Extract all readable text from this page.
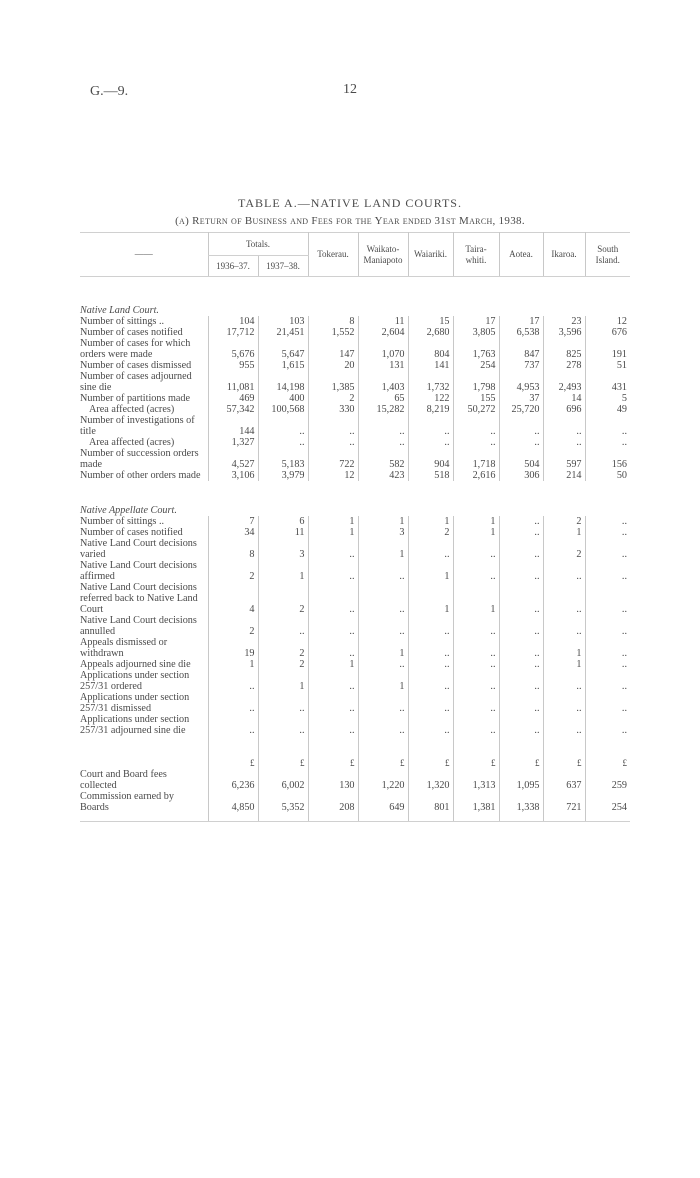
G.—9.	12
TABLE A.—NATIVE LAND COURTS.
(a) Return of Business and Fees for the Year ended 31st March, 1938.
——	Totals.		Tokerau.	Waikato-Maniapoto	Waiariki.	Taira-whiti.	Aotea.	Ikaroa.	South Island.
	1936–37.	1937–38.							
Native Land Court.									
Number of sittings ..	104	103	8	11	15	17	17	23	12
Number of cases notified	17,712	21,451	1,552	2,604	2,680	3,805	6,538	3,596	676
Number of cases for which orders were made	5,676	5,647	147	1,070	804	1,763	847	825	191
Number of cases dismissed	955	1,615	20	131	141	254	737	278	51
Number of cases adjourned sine die	11,081	14,198	1,385	1,403	1,732	1,798	4,953	2,493	431
Number of partitions made	469	400	2	65	122	155	37	14	5
Area affected (acres)	57,342	100,568	330	15,282	8,219	50,272	25,720	696	49
Number of investigations of title	144	..	..	..	..	..	..	..	..
Area affected (acres)	1,327	..	..	..	..	..	..	..	..
Number of succession orders made	4,527	5,183	722	582	904	1,718	504	597	156
Number of other orders made	3,106	3,979	12	423	518	2,616	306	214	50
Native Appellate Court.									
Number of sittings ..	7	6	1	1	1	1	..	2	..
Number of cases notified	34	11	1	3	2	1	..	1	..
Native Land Court decisions varied	8	3	..	1	..	..	..	2	..
Native Land Court decisions affirmed	2	1	..	..	1	..	..	..	..
Native Land Court decisions referred back to Native Land Court	4	2	..	..	1	1	..	..	..
Native Land Court decisions annulled	2	..	..	..	..	..	..	..	..
Appeals dismissed or withdrawn	19	2	..	1	..	..	..	1	..
Appeals adjourned sine die	1	2	1	..	..	..	..	1	..
Applications under section 257/31 ordered	..	1	..	1	..	..	..	..	..
Applications under section 257/31 dismissed	..	..	..	..	..	..	..	..	..
Applications under section 257/31 adjourned sine die	..	..	..	..	..	..	..	..	..
	£	£	£	£	£	£	£	£	£
Court and Board fees collected	6,236	6,002	130	1,220	1,320	1,313	1,095	637	259
Commission earned by Boards	4,850	5,352	208	649	801	1,381	1,338	721	254
